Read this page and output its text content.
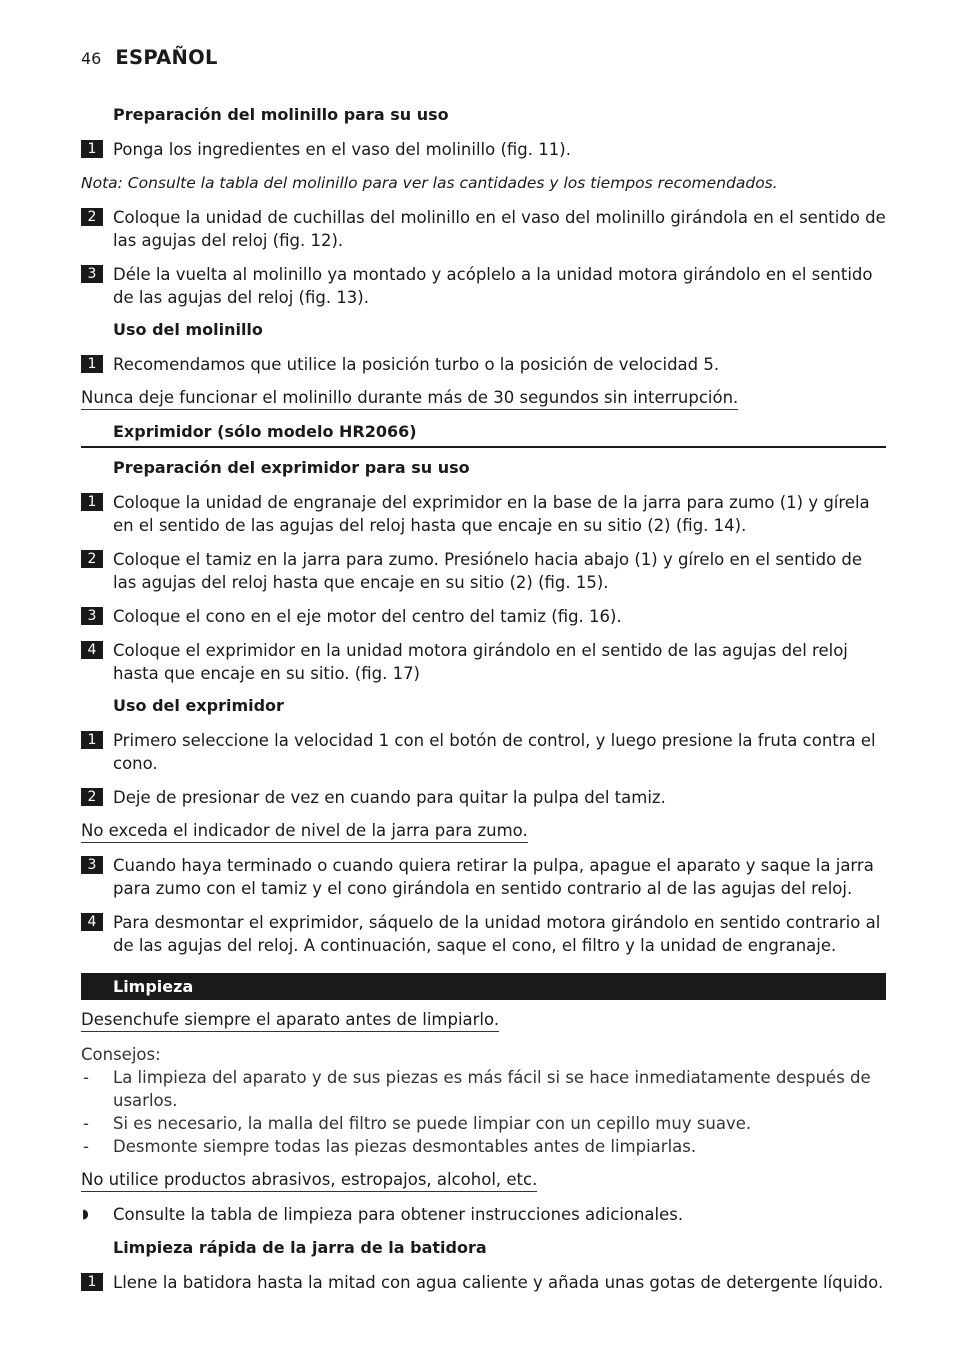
46 ESPAÑOL

Preparación del molinillo para su uso

1	Ponga los ingredientes en el vaso del molinillo (fig. 11).
Nota: Consulte la tabla del molinillo para ver las cantidades y los tiempos recomendados.
2	Coloque la unidad de cuchillas del molinillo en el vaso del molinillo girándola en el sentido de las agujas del reloj (fig. 12).
3	Déle la vuelta al molinillo ya montado y acóplelo a la unidad motora girándolo en el sentido de las agujas del reloj (fig. 13).

Uso del molinillo

1	Recomendamos que utilice la posición turbo o la posición de velocidad 5.
Nunca deje funcionar el molinillo durante más de 30 segundos sin interrupción.
Exprimidor (sólo modelo HR2066)

Preparación del exprimidor para su uso

1	Coloque la unidad de engranaje del exprimidor en la base de la jarra para zumo (1) y gírela en el sentido de las agujas del reloj hasta que encaje en su sitio (2) (fig. 14).
2	Coloque el tamiz en la jarra para zumo. Presiónelo hacia abajo (1) y gírelo en el sentido de las agujas del reloj hasta que encaje en su sitio (2) (fig. 15).
3	Coloque el cono en el eje motor del centro del tamiz (fig. 16).
4	Coloque el exprimidor en la unidad motora girándolo en el sentido de las agujas del reloj hasta que encaje en su sitio. (fig. 17)

Uso del exprimidor

1	Primero seleccione la velocidad 1 con el botón de control, y luego presione la fruta contra el cono.
2	Deje de presionar de vez en cuando para quitar la pulpa del tamiz.
No exceda el indicador de nivel de la jarra para zumo.
3	Cuando haya terminado o cuando quiera retirar la pulpa, apague el aparato y saque la jarra para zumo con el tamiz y el cono girándola en sentido contrario al de las agujas del reloj.
4	Para desmontar el exprimidor, sáquelo de la unidad motora girándolo en sentido contrario al de las agujas del reloj. A continuación, saque el cono, el filtro y la unidad de engranaje.
Limpieza
Desenchufe siempre el aparato antes de limpiarlo.
Consejos:
-	La limpieza del aparato y de sus piezas es más fácil si se hace inmediatamente después de usarlos.
-	Si es necesario, la malla del filtro se puede limpiar con un cepillo muy suave.
-	Desmonte siempre todas las piezas desmontables antes de limpiarlas.
No utilice productos abrasivos, estropajos, alcohol, etc.
◗	Consulte la tabla de limpieza para obtener instrucciones adicionales.

Limpieza rápida de la jarra de la batidora

1	Llene la batidora hasta la mitad con agua caliente y añada unas gotas de detergente líquido.
